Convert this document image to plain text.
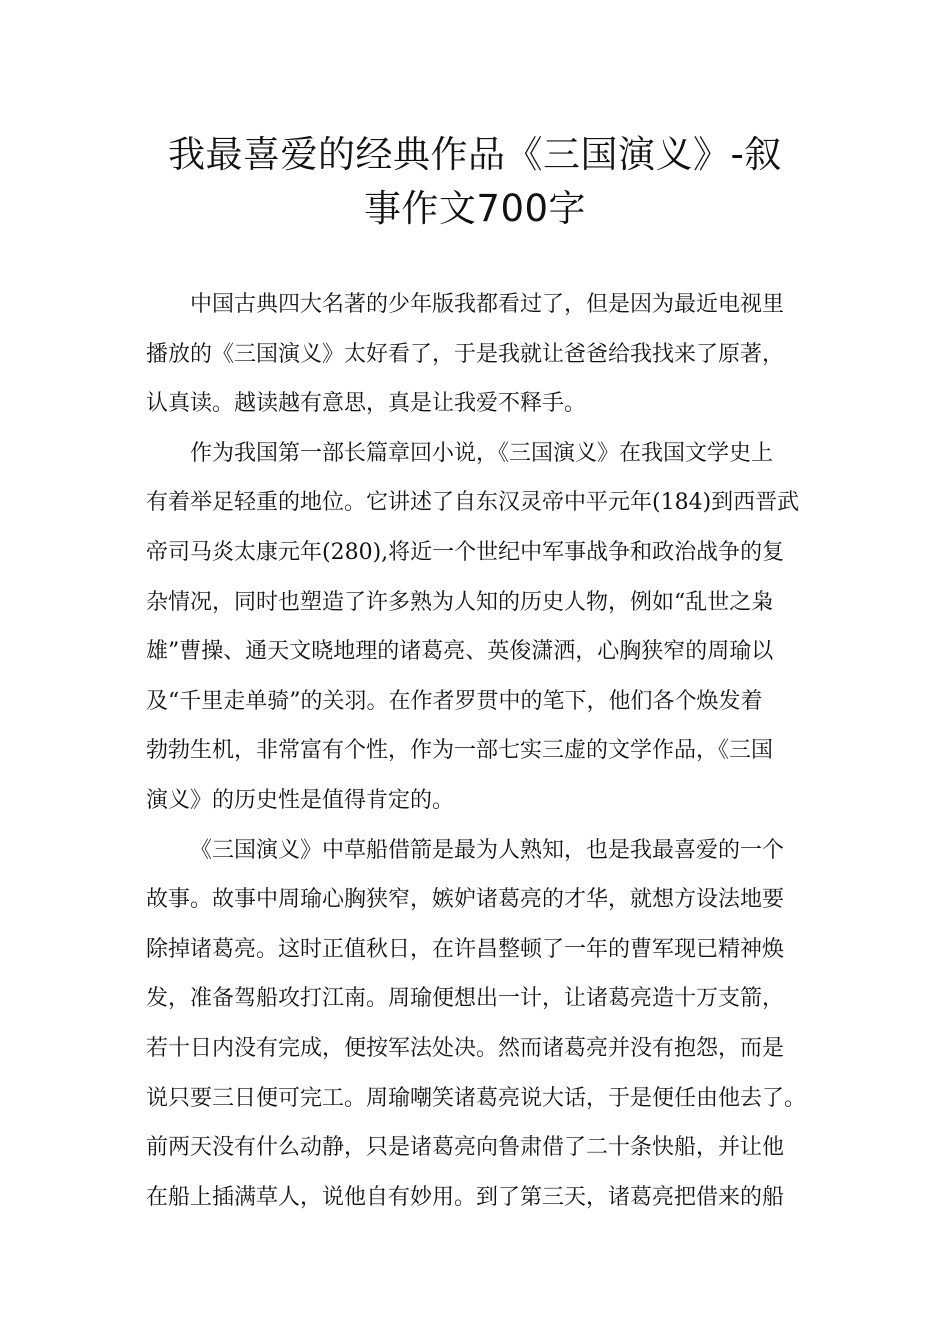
我最喜爱的经典作品《三国演义》-叙
事作文700字
中国古典四大名著的少年版我都看过了，但是因为最近电视里
播放的《三国演义》太好看了，于是我就让爸爸给我找来了原著，
认真读。越读越有意思，真是让我爱不释手。
作为我国第一部长篇章回小说，《三国演义》在我国文学史上
有着举足轻重的地位。它讲述了自东汉灵帝中平元年(184)到西晋武
帝司马炎太康元年(280),将近一个世纪中军事战争和政治战争的复
杂情况，同时也塑造了许多熟为人知的历史人物，例如“乱世之枭
雄”曹操、通天文晓地理的诸葛亮、英俊潇洒，心胸狭窄的周瑜以
及“千里走单骑”的关羽。在作者罗贯中的笔下，他们各个焕发着
勃勃生机，非常富有个性，作为一部七实三虚的文学作品，《三国
演义》的历史性是值得肯定的。
《三国演义》中草船借箭是最为人熟知，也是我最喜爱的一个
故事。故事中周瑜心胸狭窄，嫉妒诸葛亮的才华，就想方设法地要
除掉诸葛亮。这时正值秋日，在许昌整顿了一年的曹军现已精神焕
发，准备驾船攻打江南。周瑜便想出一计，让诸葛亮造十万支箭，
若十日内没有完成，便按军法处决。然而诸葛亮并没有抱怨，而是
说只要三日便可完工。周瑜嘲笑诸葛亮说大话，于是便任由他去了。
前两天没有什么动静，只是诸葛亮向鲁肃借了二十条快船，并让他
在船上插满草人，说他自有妙用。到了第三天，诸葛亮把借来的船
